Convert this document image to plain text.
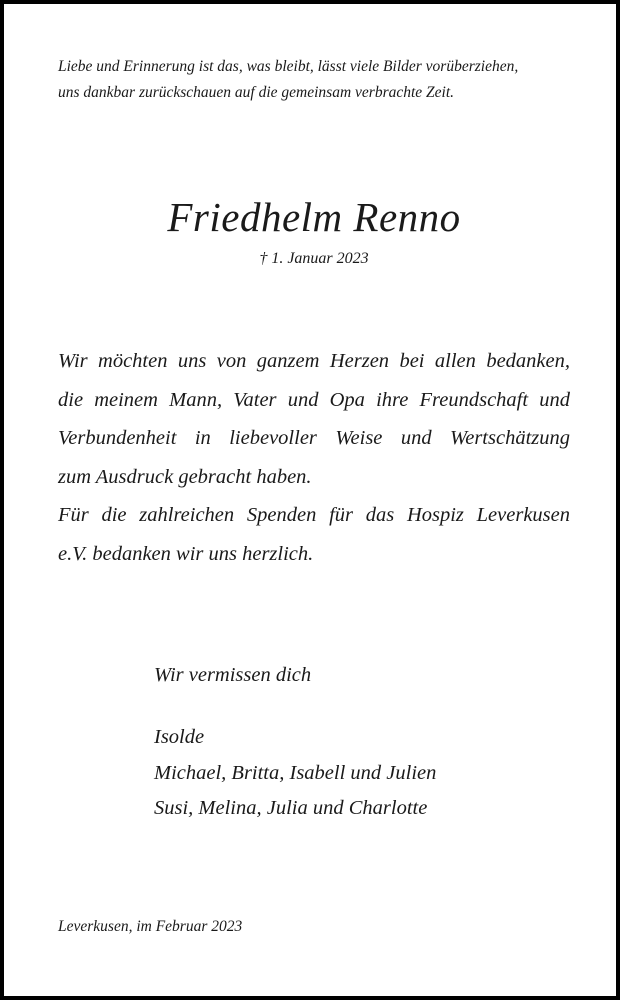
Liebe und Erinnerung ist das, was bleibt, lässt viele Bilder vorüberziehen,
uns dankbar zurückschauen auf die gemeinsam verbrachte Zeit.
Friedhelm Renno
† 1. Januar 2023
Wir möchten uns von ganzem Herzen bei allen bedanken,
die meinem Mann, Vater und Opa ihre Freundschaft und
Verbundenheit in liebevoller Weise und Wertschätzung
zum Ausdruck gebracht haben.
Für die zahlreichen Spenden für das Hospiz Leverkusen
e.V. bedanken wir uns herzlich.
Wir vermissen dich
Isolde
Michael, Britta, Isabell und Julien
Susi, Melina, Julia und Charlotte
Leverkusen, im Februar 2023
